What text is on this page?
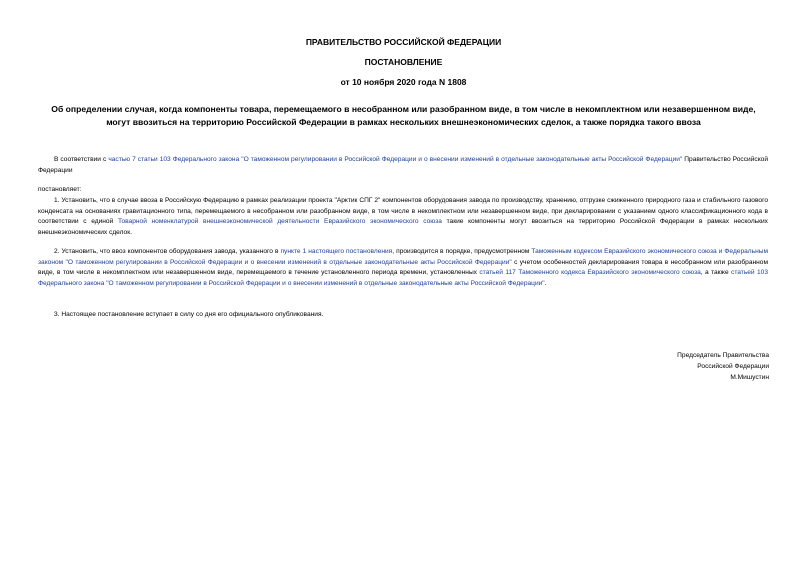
ПРАВИТЕЛЬСТВО РОССИЙСКОЙ ФЕДЕРАЦИИ
ПОСТАНОВЛЕНИЕ
от 10 ноября 2020 года N 1808
Об определении случая, когда компоненты товара, перемещаемого в несобранном или разобранном виде, в том числе в некомплектном или незавершенном виде,
могут ввозиться на территорию Российской Федерации в рамках нескольких внешнеэкономических сделок, а также порядка такого ввоза
В соответствии с частью 7 статьи 103 Федерального закона "О таможенном регулировании в Российской Федерации и о внесении изменений в отдельные законодательные акты Российской Федерации" Правительство Российской Федерации
постановляет:
1. Установить, что в случае ввоза в Российскую Федерацию в рамках реализации проекта "Арктик СПГ 2" компонентов оборудования завода по производству, хранению, отгрузке сжиженного природного газа и стабильного газового конденсата на основаниях гравитационного типа, перемещаемого в несобранном или разобранном виде, в том числе в некомплектном или незавершенном виде, при декларировании с указанием одного классификационного кода в соответствии с единой Товарной номенклатурой внешнеэкономической деятельности Евразийского экономического союза такие компоненты могут ввозиться на территорию Российской Федерации в рамках нескольких внешнеэкономических сделок.
2. Установить, что ввоз компонентов оборудования завода, указанного в пункте 1 настоящего постановления, производится в порядке, предусмотренном Таможенным кодексом Евразийского экономического союза и Федеральным законом "О таможенном регулировании в Российской Федерации и о внесении изменений в отдельные законодательные акты Российской Федерации" с учетом особенностей декларирования товара в несобранном или разобранном виде, в том числе в некомплектном или незавершенном виде, перемещаемого в течение установленного периода времени, установленных статьей 117 Таможенного кодекса Евразийского экономического союза, а также статьей 103 Федерального закона "О таможенном регулировании в Российской Федерации и о внесении изменений в отдельные законодательные акты Российской Федерации".
3. Настоящее постановление вступает в силу со дня его официального опубликования.
Председатель Правительства
Российской Федерации
М.Мишустин
